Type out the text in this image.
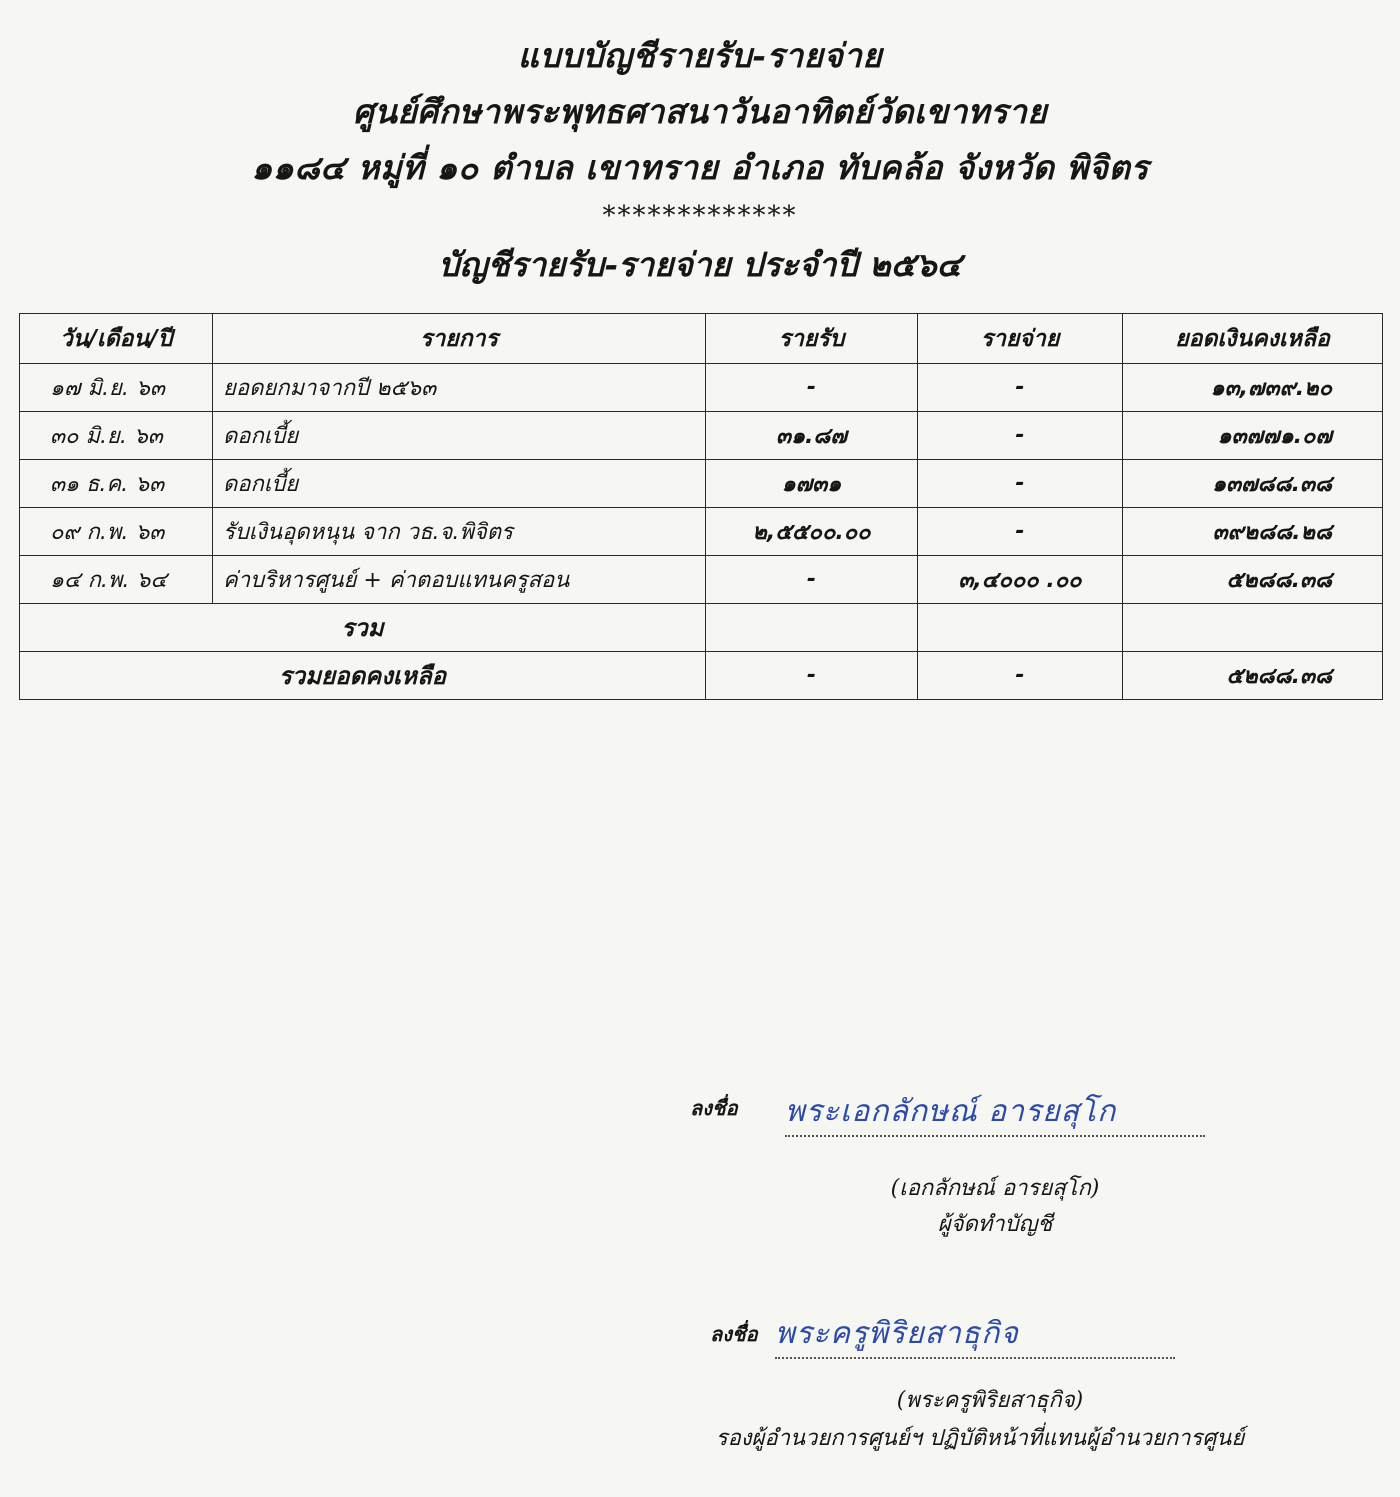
แบบบัญชีรายรับ-รายจ่าย
ศูนย์ศึกษาพระพุทธศาสนาวันอาทิตย์วัดเขาทราย
๑๑๘๔ หมู่ที่ ๑๐ ตำบล เขาทราย อำเภอ ทับคล้อ จังหวัด พิจิตร
*************
บัญชีรายรับ-รายจ่าย ประจำปี ๒๕๖๔
วัน/เดือน/ปี	รายการ	รายรับ	รายจ่าย	ยอดเงินคงเหลือ
๑๗ มิ.ย. ๖๓	ยอดยกมาจากปี ๒๕๖๓	-	-	๑๓,๗๓๙.๒๐
๓๐ มิ.ย. ๖๓	ดอกเบี้ย	๓๑.๘๗	-	๑๓๗๗๑.๐๗
๓๑ ธ.ค. ๖๓	ดอกเบี้ย	๑๗๓๑	-	๑๓๗๘๘.๓๘
๐๙ ก.พ. ๖๓	รับเงินอุดหนุน จาก วธ.จ.พิจิตร	๒,๕๕๐๐.๐๐	-	๓๙๒๘๘.๒๘
๑๔ ก.พ. ๖๔	ค่าบริหารศูนย์ + ค่าตอบแทนครูสอน	-	๓,๔๐๐๐ .๐๐	๕๒๘๘.๓๘
รวม				
รวมยอดคงเหลือ		-	-	๕๒๘๘.๓๘
ลงชื่อ พระเอกลักษณ์ อารยสุโก
(เอกลักษณ์ อารยสุโก)
ผู้จัดทำบัญชี
ลงชื่อ พระครูพิริยสาธุกิจ
(พระครูพิริยสาธุกิจ)
รองผู้อำนวยการศูนย์ฯ ปฏิบัติหน้าที่แทนผู้อำนวยการศูนย์
